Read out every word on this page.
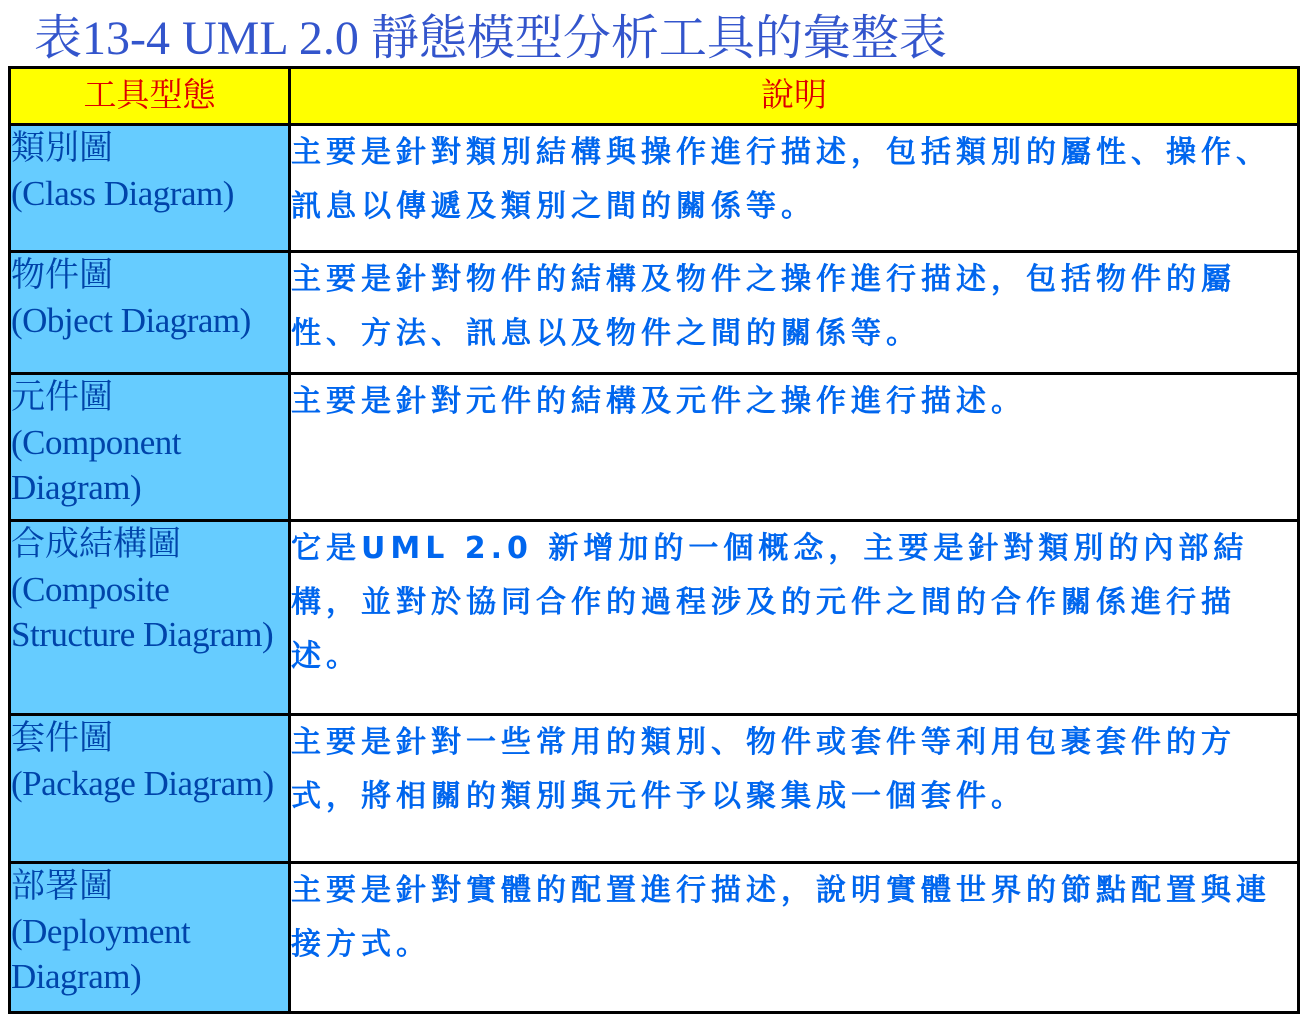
表13-4 UML 2.0 靜態模型分析工具的彙整表
工具型態	說明

類別圖
(Class Diagram)	主要是針對類別結構與操作進行描述，包括類別的屬性、操作、訊息以傳遞及類別之間的關係等。

物件圖
(Object Diagram)	主要是針對物件的結構及物件之操作進行描述，包括物件的屬性、方法、訊息以及物件之間的關係等。

元件圖
(Component Diagram)	主要是針對元件的結構及元件之操作進行描述。

合成結構圖
(Composite Structure Diagram)	它是UML 2.0 新增加的一個概念，主要是針對類別的內部結構，並對於協同合作的過程涉及的元件之間的合作關係進行描述。

套件圖
(Package Diagram)	主要是針對一些常用的類別、物件或套件等利用包裹套件的方式，將相關的類別與元件予以聚集成一個套件。

部署圖
(Deployment Diagram)	主要是針對實體的配置進行描述，說明實體世界的節點配置與連接方式。
